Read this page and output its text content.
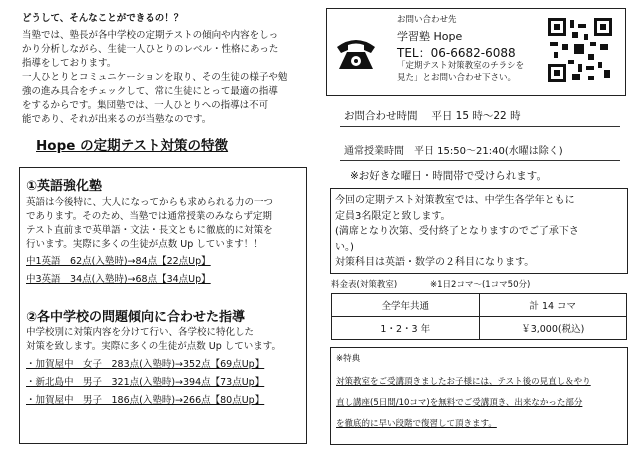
どうして、そんなことができるの！？
当塾では、塾長が各中学校の定期テストの傾向や内容をしっ
かり分析しながら、生徒一人ひとりのレベル・性格にあった
指導をしております。
一人ひとりとコミュニケーションを取り、その生徒の様子や勉
強の進み具合をチェックして、常に生徒にとって最適の指導
をするからです。集団塾では、一人ひとりへの指導は不可
能であり、それが出来るのが当塾なのです。
Hope の定期テスト対策の特徴
①英語強化塾
英語は今後特に、大人になってからも求められる力の一つ
であります。そのため、当塾では通常授業のみならず定期
テスト直前まで英単語・文法・長文ともに徹底的に対策を
行います。実際に多くの生徒が点数 Up しています！！
中1英語　62点(入塾時)→84点【22点Up】
中3英語　34点(入塾時)→68点【34点Up】
②各中学校の問題傾向に合わせた指導
中学校別に対策内容を分けて行い、各学校に特化した
対策を致します。実際に多くの生徒が点数 Up しています。
・加賀屋中　女子　283点(入塾時)→352点【69点Up】
・新北島中　男子　321点(入塾時)→394点【73点Up】
・加賀屋中　男子　186点(入塾時)→266点【80点Up】
お問い合わせ先
学習塾 Hope
TEL：06-6682-6088
「定期テスト対策教室のチラシを
見た」とお問い合わせ下さい。
お問合わせ時間　 平日 15 時～22 時
通常授業時間　平日 15:50～21:40(水曜は除く)
※お好きな曜日・時間帯で受けられます。
今回の定期テスト対策教室では、中学生各学年ともに
定員3名限定と致します。
(満席となり次第、受付終了となりますのでご了承下さ
い。)
対策科目は英語・数学の２科目になります。
料金表(対策教室)	※1日2コマ～(1コマ50分)
全学年共通	計 14 コマ
1・2・3 年	￥3,000(税込)
※特典
対策教室をご受講頂きましたお子様には、テスト後の見直し＆やり
直し講座(5日間/10コマ)を無料でご受講頂き、出来なかった部分
を徹底的に早い段階で復習して頂きます。
